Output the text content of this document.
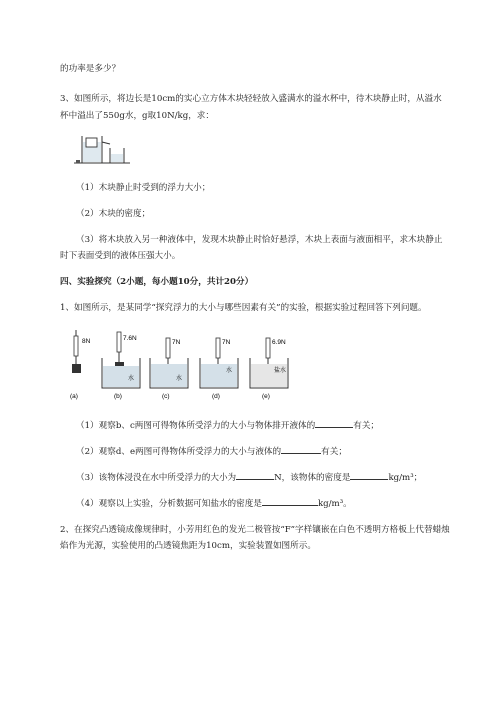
的功率是多少？
3、如图所示，将边长是10cm的实心立方体木块轻轻放入盛满水的溢水杯中，待木块静止时，从溢水
杯中溢出了550g水，g取10N/kg，求：
（1）木块静止时受到的浮力大小；
（2）木块的密度；
（3）将木块放入另一种液体中，发现木块静止时恰好悬浮，木块上表面与液面相平，求木块静止
时下表面受到的液体压强大小。
四、实验探究（2小题，每小题10分，共计20分）
1、如图所示，是某同学“探究浮力的大小与哪些因素有关”的实验，根据实验过程回答下列问题。
8N
(a)
7.6N
水
(b)
7N
水
(c)
7N
水
(d)
6.9N
盐水
(e)
（1）观察b、c两图可得物体所受浮力的大小与物体排开液体的	有关；
（2）观察d、e两图可得物体所受浮力的大小与液体的	有关；
（3）该物体浸没在水中所受浮力的大小为	N，该物体的密度是	kg/m³；
（4）观察以上实验，分析数据可知盐水的密度是	kg/m³。
2、在探究凸透镜成像规律时，小芳用红色的发光二极管按“F”字样镶嵌在白色不透明方格板上代替蜡烛
焰作为光源，实验使用的凸透镜焦距为10cm，实验装置如图所示。
